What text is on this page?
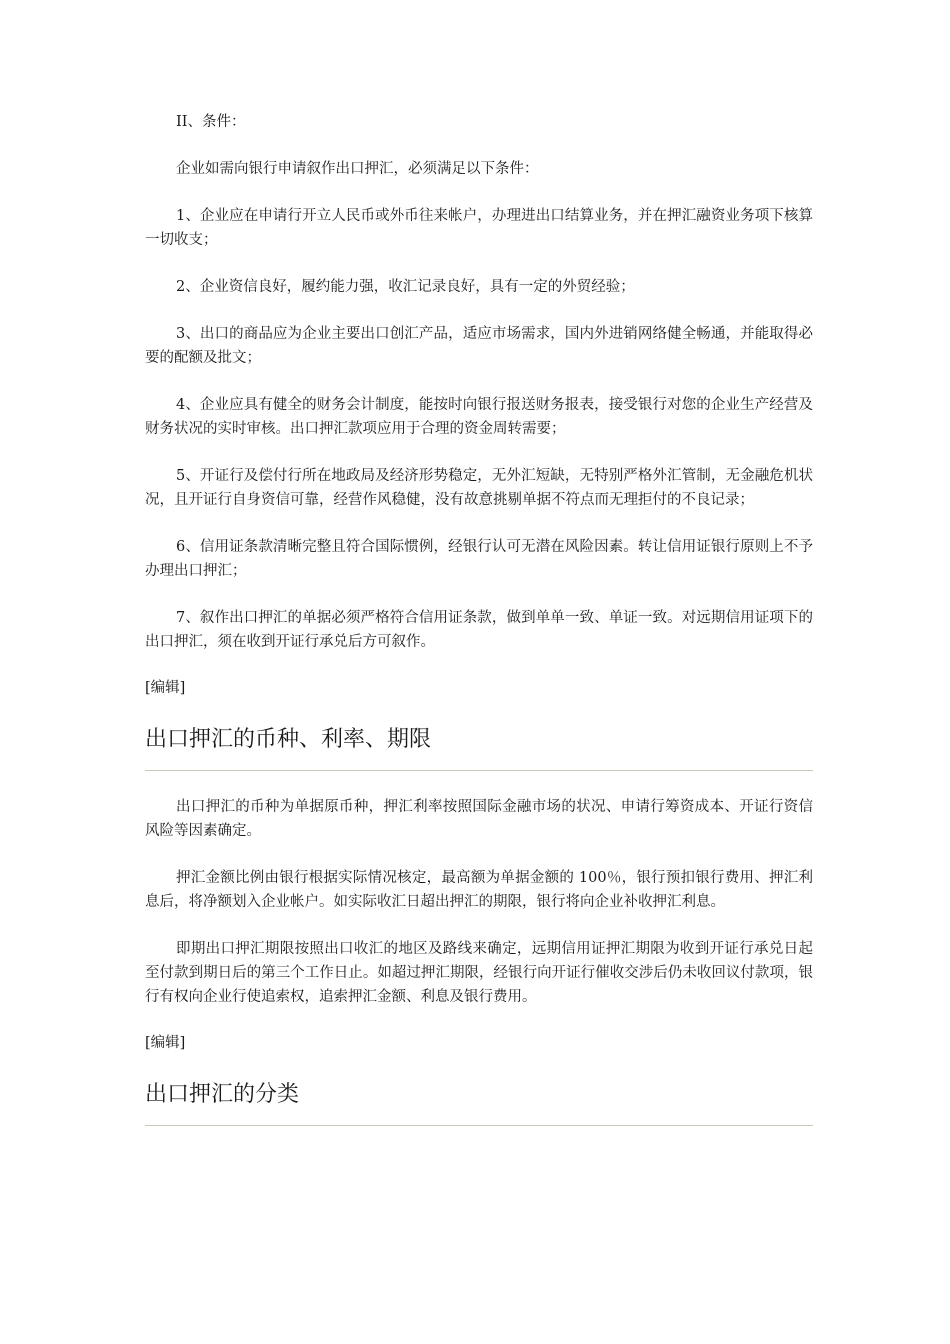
II、条件：

企业如需向银行申请叙作出口押汇，必须满足以下条件：

1、企业应在申请行开立人民币或外币往来帐户，办理进出口结算业务，并在押汇融资业务项下核算一切收支；

2、企业资信良好，履约能力强，收汇记录良好，具有一定的外贸经验；

3、出口的商品应为企业主要出口创汇产品，适应市场需求，国内外进销网络健全畅通，并能取得必要的配额及批文；

4、企业应具有健全的财务会计制度，能按时向银行报送财务报表，接受银行对您的企业生产经营及财务状况的实时审核。出口押汇款项应用于合理的资金周转需要；

5、开证行及偿付行所在地政局及经济形势稳定，无外汇短缺，无特别严格外汇管制，无金融危机状况，且开证行自身资信可靠，经营作风稳健，没有故意挑剔单据不符点而无理拒付的不良记录；

6、信用证条款清晰完整且符合国际惯例，经银行认可无潜在风险因素。转让信用证银行原则上不予办理出口押汇；

7、叙作出口押汇的单据必须严格符合信用证条款，做到单单一致、单证一致。对远期信用证项下的出口押汇，须在收到开证行承兑后方可叙作。

[编辑]

出口押汇的币种、利率、期限

出口押汇的币种为单据原币种，押汇利率按照国际金融市场的状况、申请行筹资成本、开证行资信风险等因素确定。

押汇金额比例由银行根据实际情况核定，最高额为单据金额的 100％，银行预扣银行费用、押汇利息后，将净额划入企业帐户。如实际收汇日超出押汇的期限，银行将向企业补收押汇利息。

即期出口押汇期限按照出口收汇的地区及路线来确定，远期信用证押汇期限为收到开证行承兑日起至付款到期日后的第三个工作日止。如超过押汇期限，经银行向开证行催收交涉后仍未收回议付款项，银行有权向企业行使追索权，追索押汇金额、利息及银行费用。

[编辑]

出口押汇的分类
